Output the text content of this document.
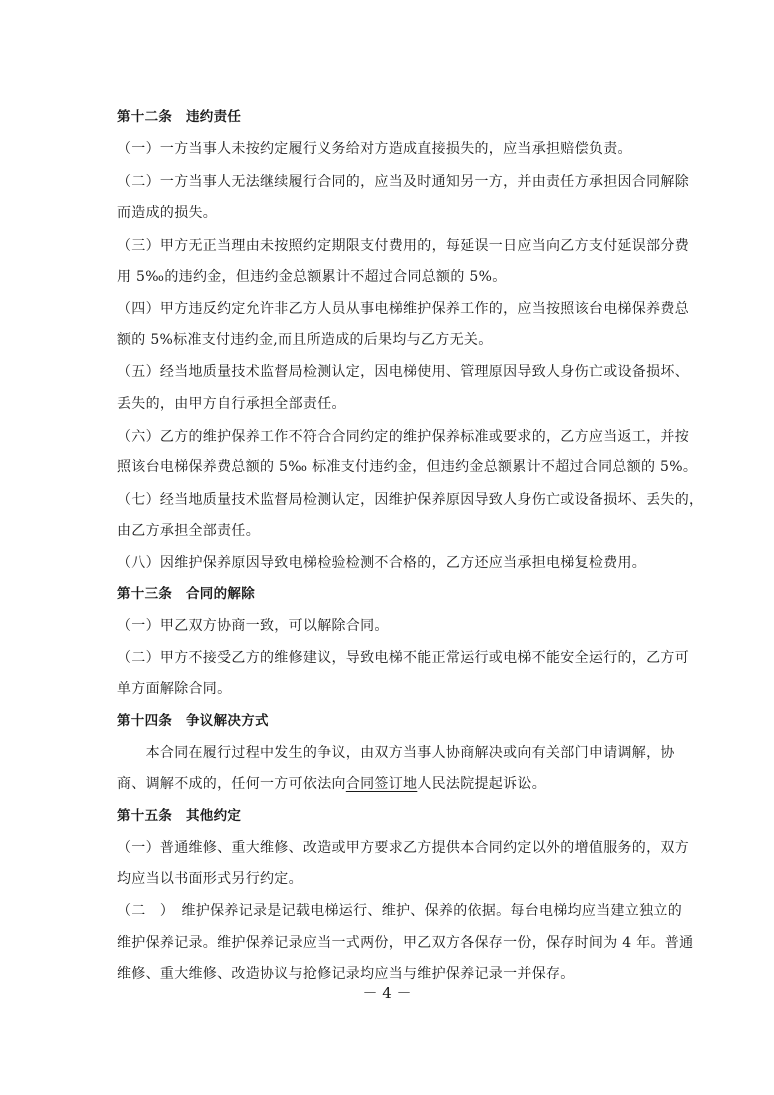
第十二条　违约责任
（一）一方当事人未按约定履行义务给对方造成直接损失的，应当承担赔偿负责。
（二）一方当事人无法继续履行合同的，应当及时通知另一方，并由责任方承担因合同解除
而造成的损失。
（三）甲方无正当理由未按照约定期限支付费用的，每延误一日应当向乙方支付延误部分费
用 5‰的违约金，但违约金总额累计不超过合同总额的 5%。
（四）甲方违反约定允许非乙方人员从事电梯维护保养工作的，应当按照该台电梯保养费总
额的 5%标准支付违约金,而且所造成的后果均与乙方无关。
（五）经当地质量技术监督局检测认定，因电梯使用、管理原因导致人身伤亡或设备损坏、
丢失的，由甲方自行承担全部责任。
（六）乙方的维护保养工作不符合合同约定的维护保养标准或要求的，乙方应当返工，并按
照该台电梯保养费总额的 5‰ 标准支付违约金，但违约金总额累计不超过合同总额的 5%。
（七）经当地质量技术监督局检测认定，因维护保养原因导致人身伤亡或设备损坏、丢失的，
由乙方承担全部责任。
（八）因维护保养原因导致电梯检验检测不合格的，乙方还应当承担电梯复检费用。
第十三条　合同的解除
（一）甲乙双方协商一致，可以解除合同。
（二）甲方不接受乙方的维修建议，导致电梯不能正常运行或电梯不能安全运行的，乙方可
单方面解除合同。
第十四条　争议解决方式
　　本合同在履行过程中发生的争议，由双方当事人协商解决或向有关部门申请调解，协
商、调解不成的，任何一方可依法向合同签订地人民法院提起诉讼。
第十五条　其他约定
（一）普通维修、重大维修、改造或甲方要求乙方提供本合同约定以外的增值服务的，双方
均应当以书面形式另行约定。
（二　）　维护保养记录是记载电梯运行、维护、保养的依据。每台电梯均应当建立独立的
维护保养记录。维护保养记录应当一式两份，甲乙双方各保存一份，保存时间为 4 年。普通
维修、重大维修、改造协议与抢修记录均应当与维护保养记录一并保存。
－ 4 －
